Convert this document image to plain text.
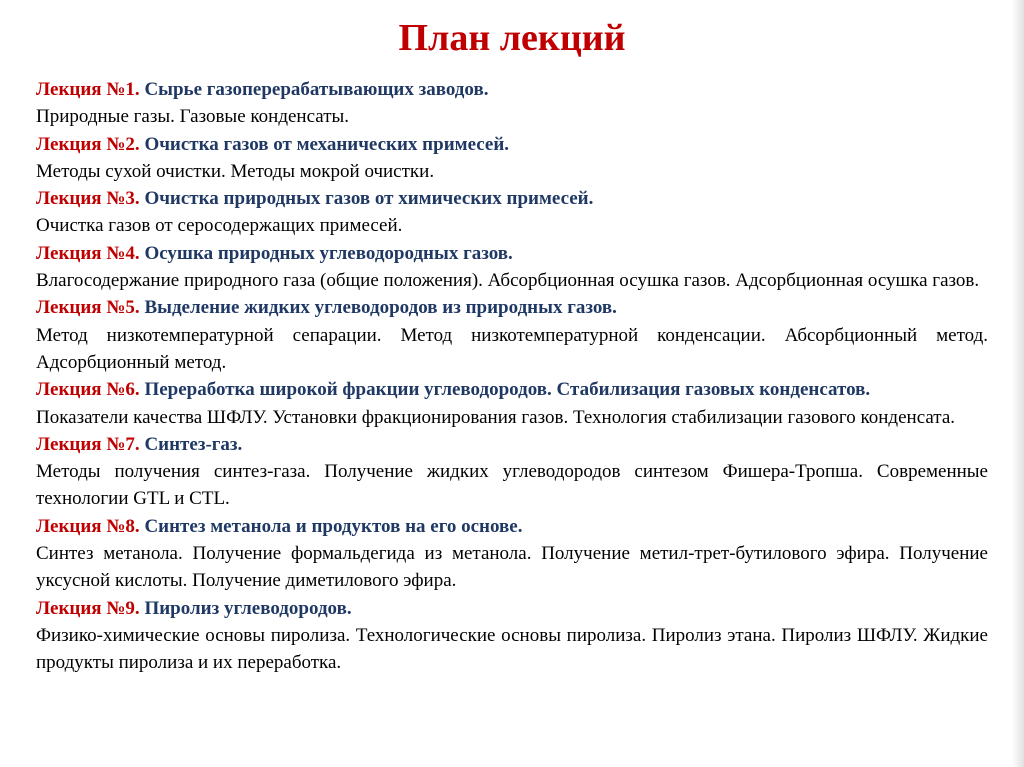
План лекций

Лекция №1. Сырье газоперерабатывающих заводов.

Природные газы. Газовые конденсаты.

Лекция №2. Очистка газов от механических примесей.

Методы сухой очистки. Методы мокрой очистки.

Лекция №3. Очистка природных газов от химических примесей.

Очистка газов от серосодержащих примесей.

Лекция №4. Осушка природных углеводородных газов.

Влагосодержание природного газа (общие положения). Абсорбционная осушка газов. Адсорбционная осушка газов.

Лекция №5. Выделение жидких углеводородов из природных газов.

Метод низкотемпературной сепарации. Метод низкотемпературной конденсации. Абсорбционный метод. Адсорбционный метод.

Лекция №6. Переработка широкой фракции углеводородов. Стабилизация газовых конденсатов.

Показатели качества ШФЛУ. Установки фракционирования газов. Технология стабилизации газового конденсата.

Лекция №7. Синтез-газ.

Методы получения синтез-газа. Получение жидких углеводородов синтезом Фишера-Тропша. Современные технологии GTL и CTL.

Лекция №8. Синтез метанола и продуктов на его основе.

Синтез метанола. Получение формальдегида из метанола. Получение метил-трет-бутилового эфира. Получение уксусной кислоты. Получение диметилового эфира.

Лекция №9. Пиролиз углеводородов.

Физико-химические основы пиролиза. Технологические основы пиролиза. Пиролиз этана. Пиролиз ШФЛУ. Жидкие продукты пиролиза и их переработка.
